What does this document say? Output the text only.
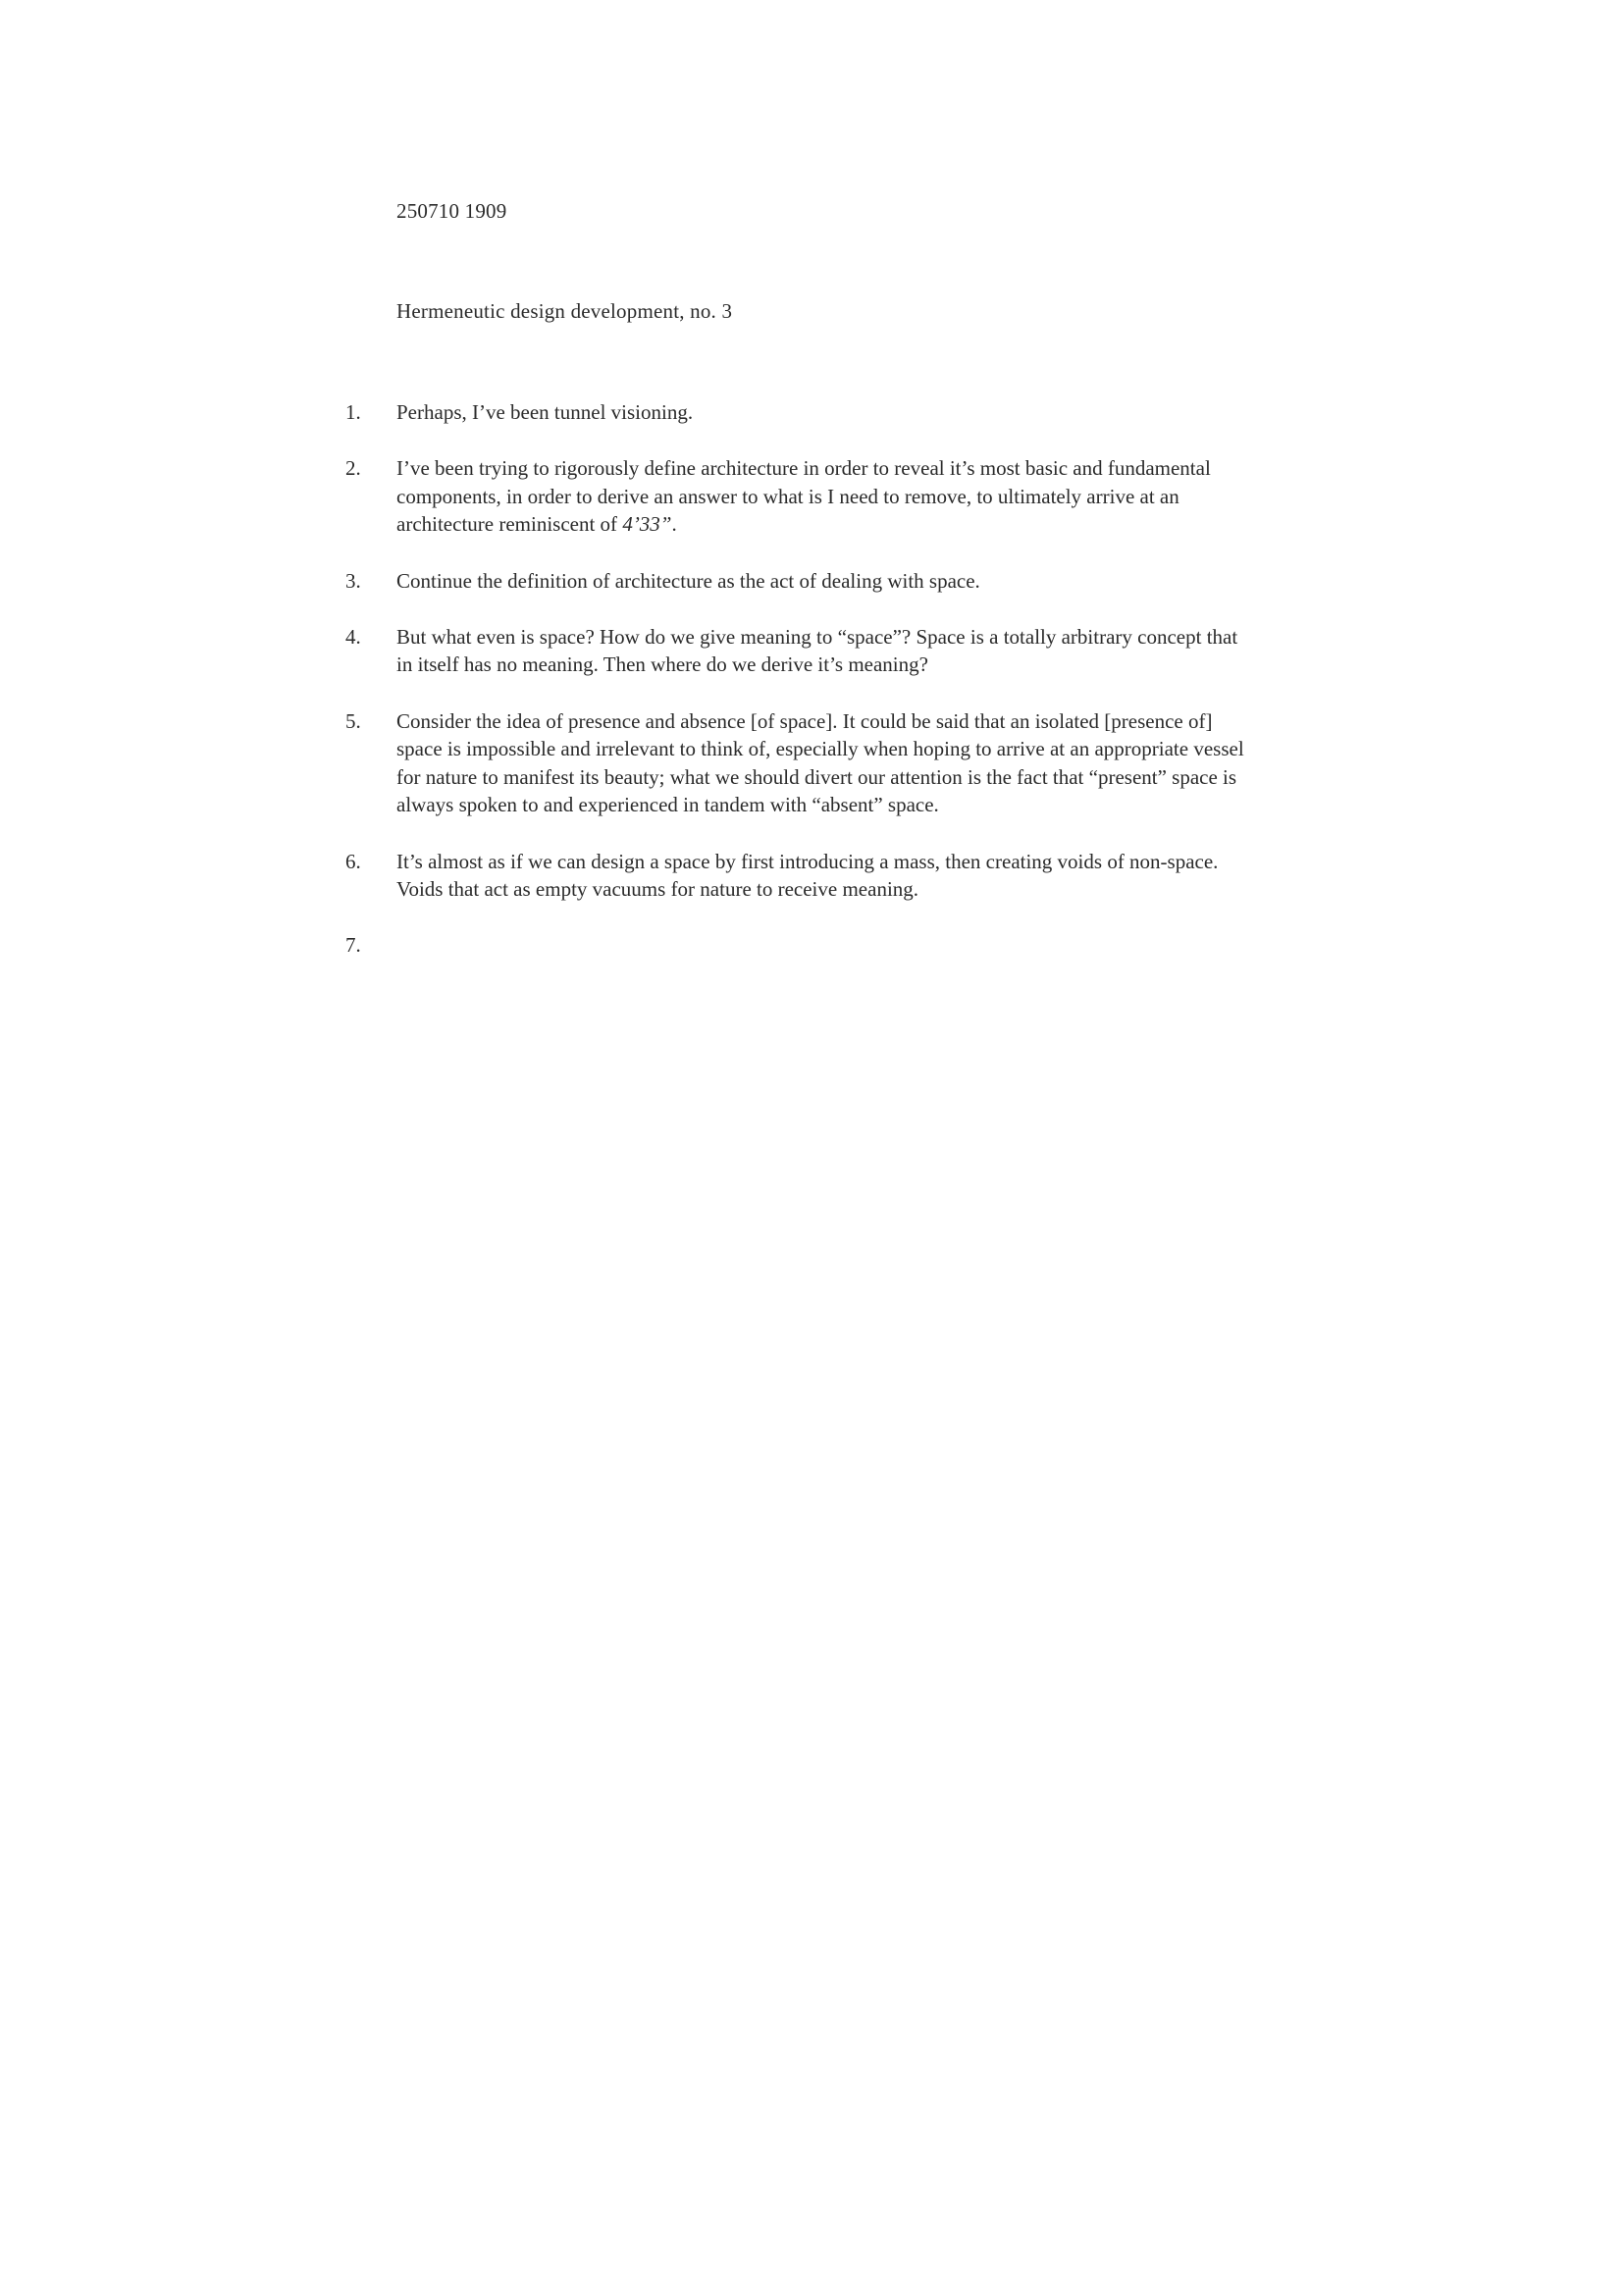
250710 1909
Hermeneutic design development, no. 3
1.	Perhaps, I’ve been tunnel visioning.
2.	I’ve been trying to rigorously define architecture in order to reveal it’s most basic and fundamental components, in order to derive an answer to what is I need to remove, to ultimately arrive at an architecture reminiscent of 4’33”.
3.	Continue the definition of architecture as the act of dealing with space.
4.	But what even is space? How do we give meaning to “space”? Space is a totally arbitrary concept that in itself has no meaning. Then where do we derive it’s meaning?
5.	Consider the idea of presence and absence [of space]. It could be said that an isolated [presence of] space is impossible and irrelevant to think of, especially when hoping to arrive at an appropriate vessel for nature to manifest its beauty; what we should divert our attention is the fact that “present” space is always spoken to and experienced in tandem with “absent” space.
6.	It’s almost as if we can design a space by first introducing a mass, then creating voids of non-space. Voids that act as empty vacuums for nature to receive meaning.
7.
